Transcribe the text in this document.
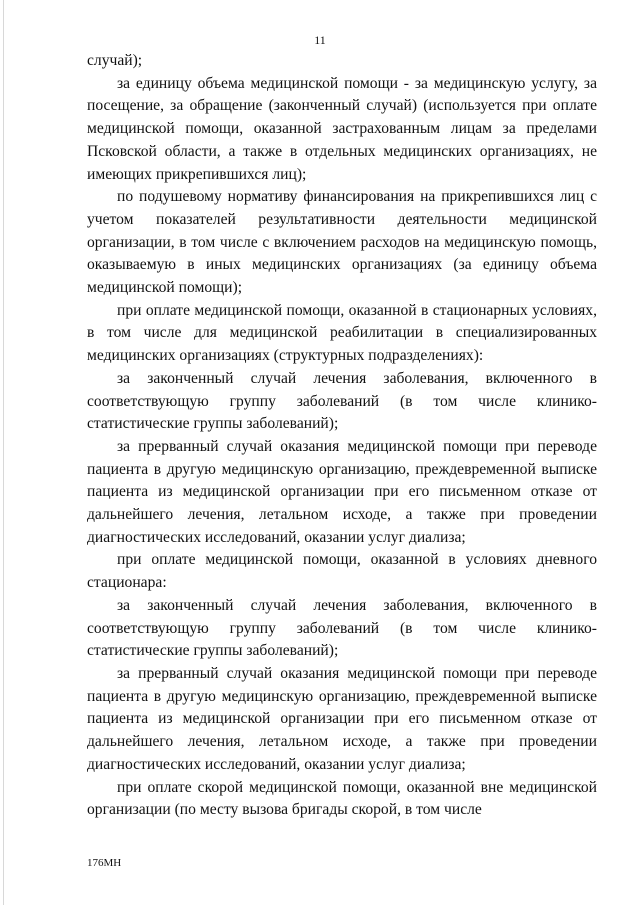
11

случай);

за единицу объема медицинской помощи - за медицинскую услугу, за посещение, за обращение (законченный случай) (используется при оплате медицинской помощи, оказанной застрахованным лицам за пределами Псковской области, а также в отдельных медицинских организациях, не имеющих прикрепившихся лиц);

по подушевому нормативу финансирования на прикрепившихся лиц с учетом показателей результативности деятельности медицинской организации, в том числе с включением расходов на медицинскую помощь, оказываемую в иных медицинских организациях (за единицу объема медицинской помощи);

при оплате медицинской помощи, оказанной в стационарных условиях, в том числе для медицинской реабилитации в специализированных медицинских организациях (структурных подразделениях):

за законченный случай лечения заболевания, включенного в соответствующую группу заболеваний (в том числе клинико-статистические группы заболеваний);

за прерванный случай оказания медицинской помощи при переводе пациента в другую медицинскую организацию, преждевременной выписке пациента из медицинской организации при его письменном отказе от дальнейшего лечения, летальном исходе, а также при проведении диагностических исследований, оказании услуг диализа;

при оплате медицинской помощи, оказанной в условиях дневного стационара:

за законченный случай лечения заболевания, включенного в соответствующую группу заболеваний (в том числе клинико-статистические группы заболеваний);

за прерванный случай оказания медицинской помощи при переводе пациента в другую медицинскую организацию, преждевременной выписке пациента из медицинской организации при его письменном отказе от дальнейшего лечения, летальном исходе, а также при проведении диагностических исследований, оказании услуг диализа;

при оплате скорой медицинской помощи, оказанной вне медицинской организации (по месту вызова бригады скорой, в том числе

176МН
